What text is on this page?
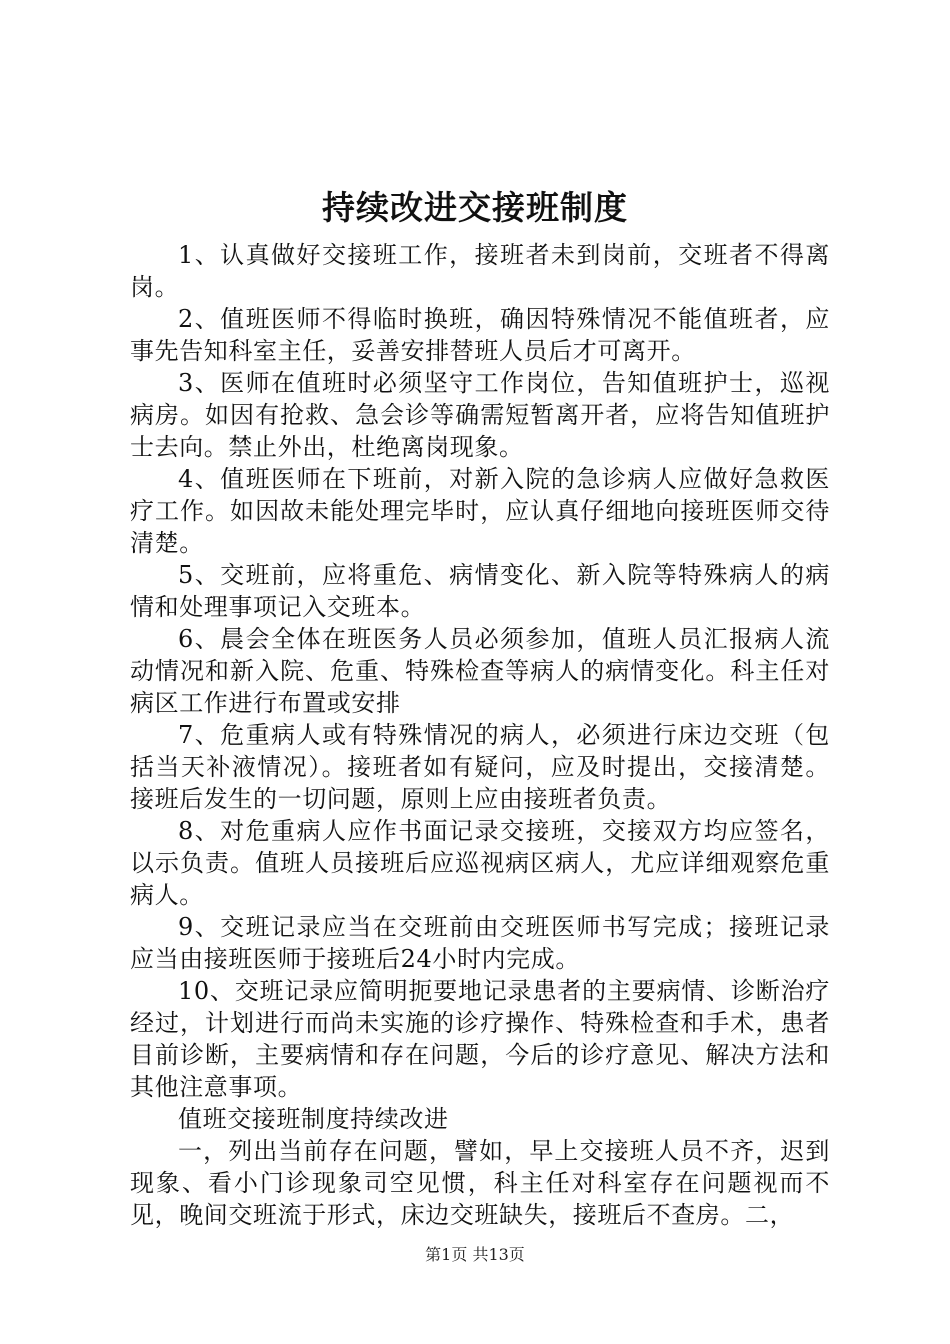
持续改进交接班制度

1、认真做好交接班工作，接班者未到岗前，交班者不得离岗。

2、值班医师不得临时换班，确因特殊情况不能值班者，应事先告知科室主任，妥善安排替班人员后才可离开。

3、医师在值班时必须坚守工作岗位，告知值班护士，巡视病房。如因有抢救、急会诊等确需短暂离开者，应将告知值班护士去向。禁止外出，杜绝离岗现象。

4、值班医师在下班前，对新入院的急诊病人应做好急救医疗工作。如因故未能处理完毕时，应认真仔细地向接班医师交待清楚。

5、交班前，应将重危、病情变化、新入院等特殊病人的病情和处理事项记入交班本。

6、晨会全体在班医务人员必须参加，值班人员汇报病人流动情况和新入院、危重、特殊检查等病人的病情变化。科主任对病区工作进行布置或安排

7、危重病人或有特殊情况的病人，必须进行床边交班（包括当天补液情况）。接班者如有疑问，应及时提出，交接清楚。接班后发生的一切问题，原则上应由接班者负责。

8、对危重病人应作书面记录交接班，交接双方均应签名，以示负责。值班人员接班后应巡视病区病人，尤应详细观察危重病人。

9、交班记录应当在交班前由交班医师书写完成；接班记录应当由接班医师于接班后24小时内完成。

10、交班记录应简明扼要地记录患者的主要病情、诊断治疗经过，计划进行而尚未实施的诊疗操作、特殊检查和手术，患者目前诊断，主要病情和存在问题，今后的诊疗意见、解决方法和其他注意事项。

值班交接班制度持续改进

一，列出当前存在问题，譬如，早上交接班人员不齐，迟到现象、看小门诊现象司空见惯，科主任对科室存在问题视而不见，晚间交班流于形式，床边交班缺失，接班后不查房。二，

第1页 共13页
